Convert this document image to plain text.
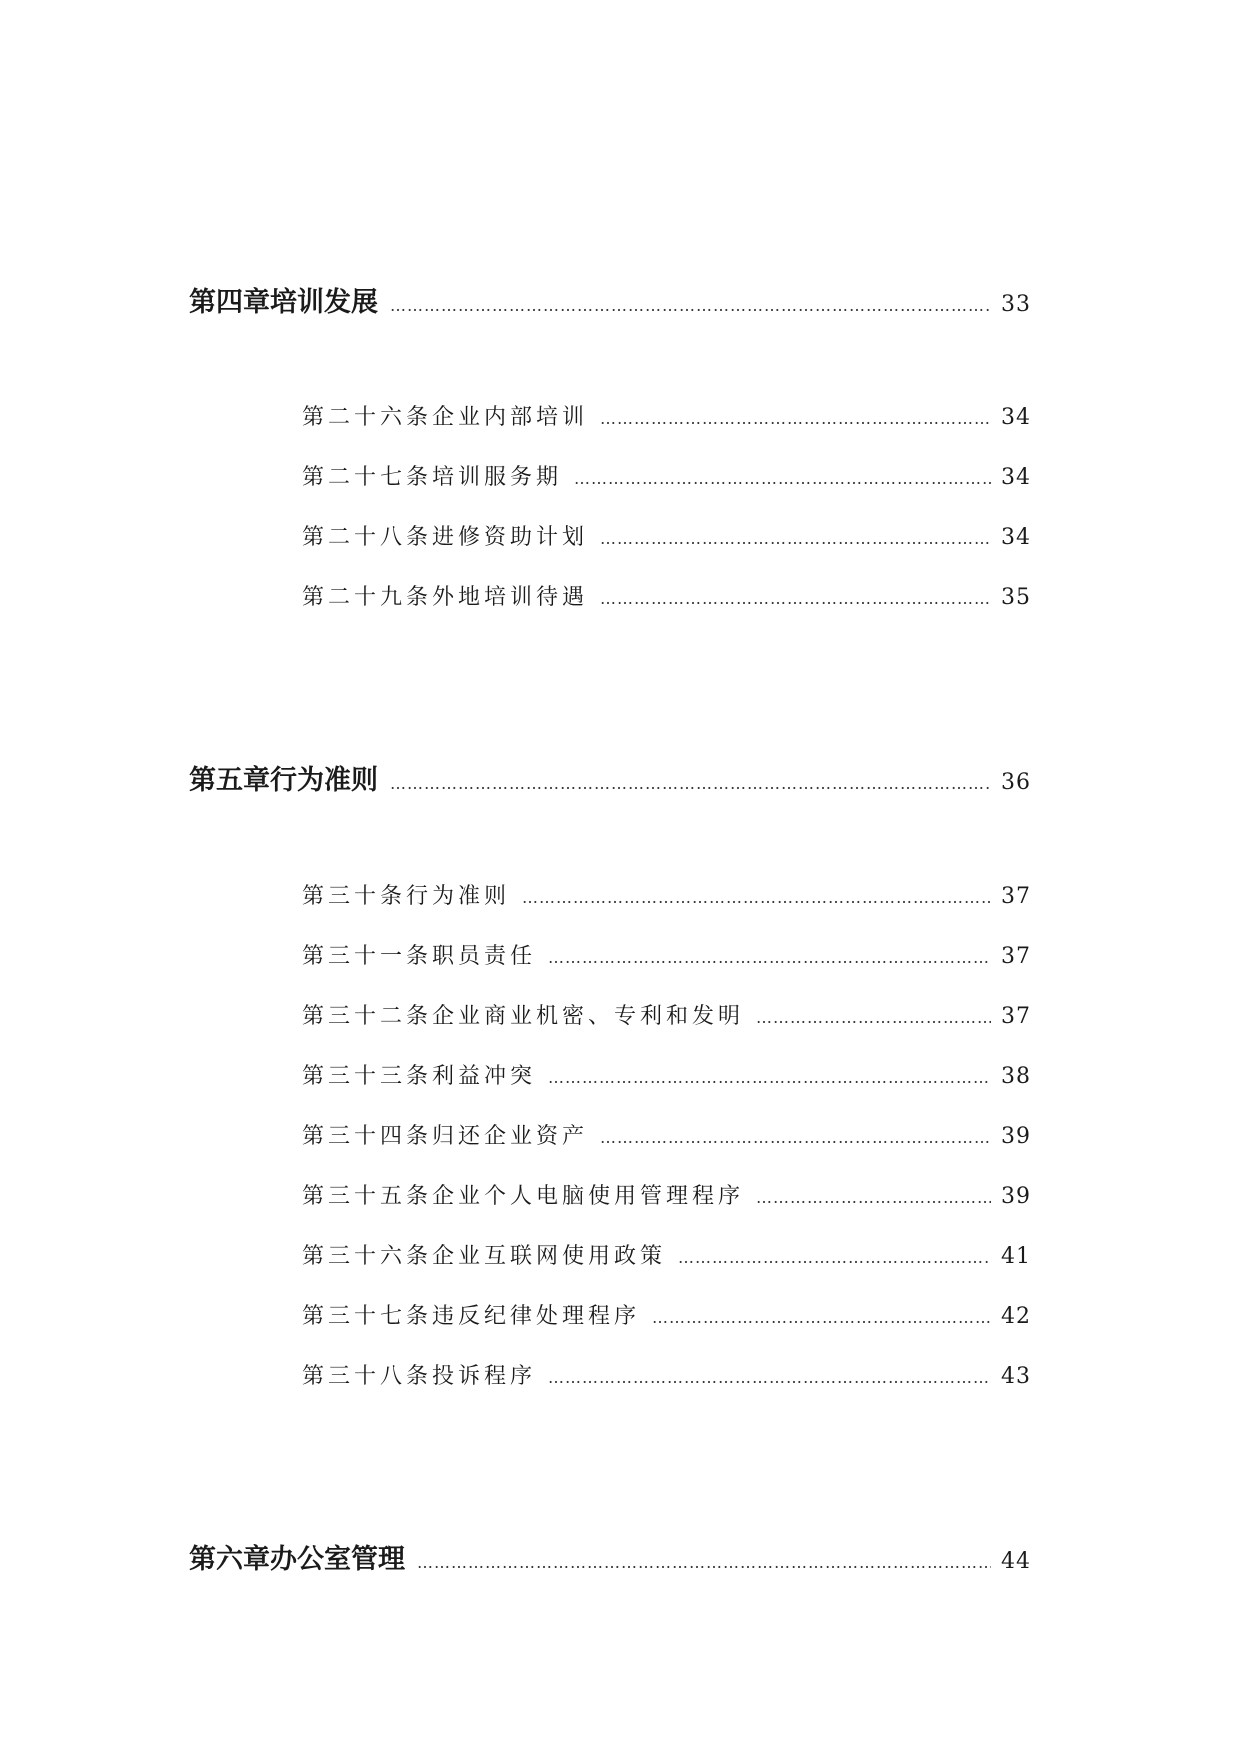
第四章 培训发展 …………………………………………………………………………………………………………………………………………………………………………	33
第二十六条 企业内部培训 …………………………………………………………………………………………………………………………………………………………………………	34
第二十七条 培训服务期 …………………………………………………………………………………………………………………………………………………………………………	34
第二十八条 进修资助计划 …………………………………………………………………………………………………………………………………………………………………………	34
第二十九条 外地培训待遇 …………………………………………………………………………………………………………………………………………………………………………	35
第五章 行为准则 …………………………………………………………………………………………………………………………………………………………………………	36
第三十条 行为准则 …………………………………………………………………………………………………………………………………………………………………………	37
第三十一条 职员责任 …………………………………………………………………………………………………………………………………………………………………………	37
第三十二条 企业商业机密、专利和发明 …………………………………………………………………………………………………………………………………………………………………………	37
第三十三条 利益冲突 …………………………………………………………………………………………………………………………………………………………………………	38
第三十四条 归还企业资产 …………………………………………………………………………………………………………………………………………………………………………	39
第三十五条 企业个人电脑使用管理程序 …………………………………………………………………………………………………………………………………………………………………………	39
第三十六条 企业互联网使用政策 …………………………………………………………………………………………………………………………………………………………………………	41
第三十七条 违反纪律处理程序 …………………………………………………………………………………………………………………………………………………………………………	42
第三十八条 投诉程序 …………………………………………………………………………………………………………………………………………………………………………	43
第六章 办公室管理 …………………………………………………………………………………………………………………………………………………………………………	44
